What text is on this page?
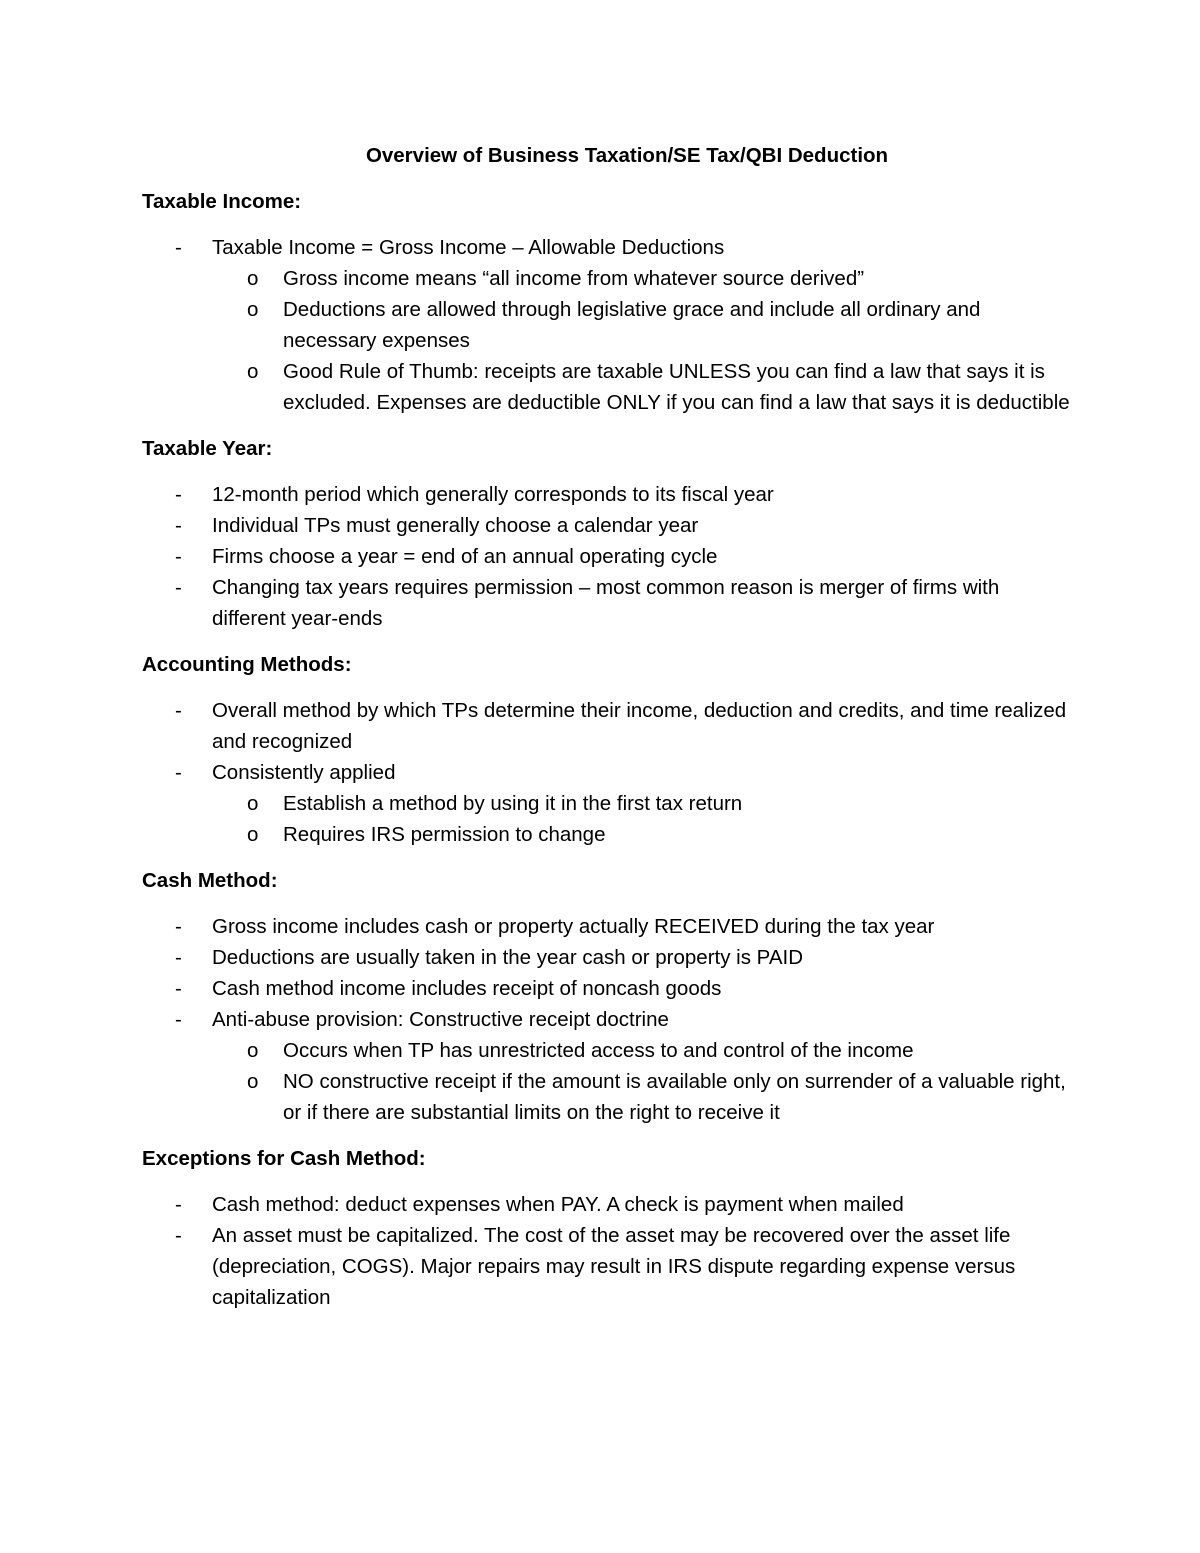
Overview of Business Taxation/SE Tax/QBI Deduction
Taxable Income:
- Taxable Income = Gross Income – Allowable Deductions
o Gross income means “all income from whatever source derived”
o Deductions are allowed through legislative grace and include all ordinary and necessary expenses
o Good Rule of Thumb: receipts are taxable UNLESS you can find a law that says it is excluded. Expenses are deductible ONLY if you can find a law that says it is deductible
Taxable Year:
- 12-month period which generally corresponds to its fiscal year
- Individual TPs must generally choose a calendar year
- Firms choose a year = end of an annual operating cycle
- Changing tax years requires permission – most common reason is merger of firms with different year-ends
Accounting Methods:
- Overall method by which TPs determine their income, deduction and credits, and time realized and recognized
- Consistently applied
o Establish a method by using it in the first tax return
o Requires IRS permission to change
Cash Method:
- Gross income includes cash or property actually RECEIVED during the tax year
- Deductions are usually taken in the year cash or property is PAID
- Cash method income includes receipt of noncash goods
- Anti-abuse provision: Constructive receipt doctrine
o Occurs when TP has unrestricted access to and control of the income
o NO constructive receipt if the amount is available only on surrender of a valuable right, or if there are substantial limits on the right to receive it
Exceptions for Cash Method:
- Cash method: deduct expenses when PAY. A check is payment when mailed
- An asset must be capitalized. The cost of the asset may be recovered over the asset life (depreciation, COGS). Major repairs may result in IRS dispute regarding expense versus capitalization
